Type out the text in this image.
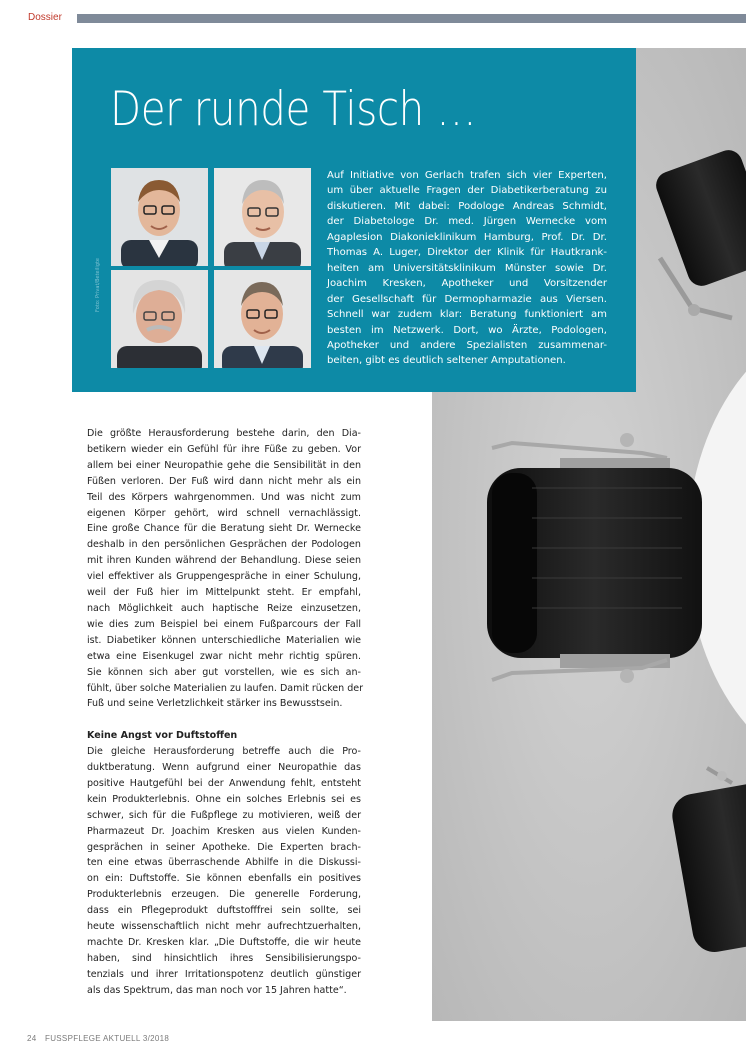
Dossier
Der runde Tisch …
Foto: Privat/Beteiligte
Auf Initiative von Gerlach trafen sich vier Experten,
um über aktuelle Fragen der Diabetikerberatung zu
diskutieren. Mit dabei: Podologe Andreas Schmidt,
der Diabetologe Dr. med. Jürgen Wernecke vom
Agaplesion Diakonieklinikum Hamburg, Prof. Dr. Dr.
Thomas A. Luger, Direktor der Klinik für Hautkrank-
heiten am Universitätsklinikum Münster sowie Dr.
Joachim Kresken, Apotheker und Vorsitzender
der Gesellschaft für Dermopharmazie aus Viersen.
Schnell war zudem klar: Beratung funktioniert am
besten im Netzwerk. Dort, wo Ärzte, Podologen,
Apotheker und andere Spezialisten zusammenar-
beiten, gibt es deutlich seltener Amputationen.
Die größte Herausforderung bestehe darin, den Dia-
betikern wieder ein Gefühl für ihre Füße zu geben. Vor
allem bei einer Neuropathie gehe die Sensibilität in den
Füßen verloren. Der Fuß wird dann nicht mehr als ein
Teil des Körpers wahrgenommen. Und was nicht zum
eigenen Körper gehört, wird schnell vernachlässigt.
Eine große Chance für die Beratung sieht Dr. Wernecke
deshalb in den persönlichen Gesprächen der Podologen
mit ihren Kunden während der Behandlung. Diese seien
viel effektiver als Gruppengespräche in einer Schulung,
weil der Fuß hier im Mittelpunkt steht. Er empfahl,
nach Möglichkeit auch haptische Reize einzusetzen,
wie dies zum Beispiel bei einem Fußparcours der Fall
ist. Diabetiker können unterschiedliche Materialien wie
etwa eine Eisenkugel zwar nicht mehr richtig spüren.
Sie können sich aber gut vorstellen, wie es sich an-
fühlt, über solche Materialien zu laufen. Damit rücken der
Fuß und seine Verletzlichkeit stärker ins Bewusstsein.
Keine Angst vor Duftstoffen
Die gleiche Herausforderung betreffe auch die Pro-
duktberatung. Wenn aufgrund einer Neuropathie das
positive Hautgefühl bei der Anwendung fehlt, entsteht
kein Produkterlebnis. Ohne ein solches Erlebnis sei es
schwer, sich für die Fußpflege zu motivieren, weiß der
Pharmazeut Dr. Joachim Kresken aus vielen Kunden-
gesprächen in seiner Apotheke. Die Experten brach-
ten eine etwas überraschende Abhilfe in die Diskussi-
on ein: Duftstoffe. Sie können ebenfalls ein positives
Produkterlebnis erzeugen. Die generelle Forderung,
dass ein Pflegeprodukt duftstofffrei sein sollte, sei
heute wissenschaftlich nicht mehr aufrechtzuerhalten,
machte Dr. Kresken klar. „Die Duftstoffe, die wir heute
haben, sind hinsichtlich ihres Sensibilisierungspo-
tenzials und ihrer Irritationspotenz deutlich günstiger
als das Spektrum, das man noch vor 15 Jahren hatte“.
24 FUSSPFLEGE AKTUELL 3/2018
